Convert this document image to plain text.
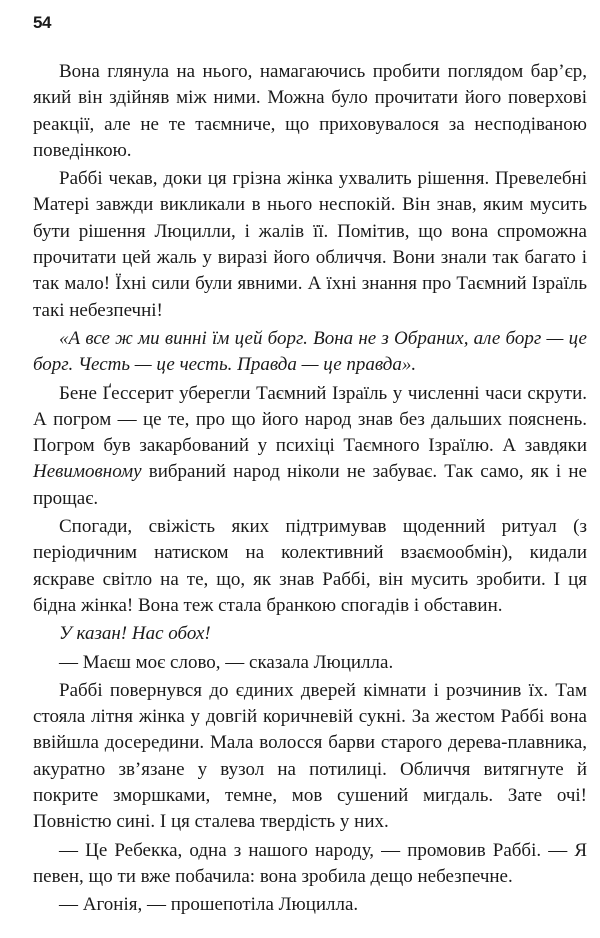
54

Вона глянула на нього, намагаючись пробити поглядом бар’єр, який він здійняв між ними. Можна було прочитати його поверхові реакції, але не те таємниче, що приховувалося за несподіваною поведінкою.

Раббі чекав, доки ця грізна жінка ухвалить рішення. Превелебні Матері завжди викликали в нього неспокій. Він знав, яким мусить бути рішення Люцилли, і жалів її. Помітив, що вона спроможна прочитати цей жаль у виразі його обличчя. Вони знали так багато і так мало! Їхні сили були явними. А їхні знання про Таємний Ізраїль такі небезпечні!

«А все ж ми винні їм цей борг. Вона не з Обраних, але борг — це борг. Честь — це честь. Правда — це правда».

Бене Ґессерит уберегли Таємний Ізраїль у численні часи скрути. А погром — це те, про що його народ знав без дальших пояснень. Погром був закарбований у психіці Таємного Ізраїлю. А завдяки Невимовному вибраний народ ніколи не забуває. Так само, як і не прощає.

Спогади, свіжість яких підтримував щоденний ритуал (з періодичним натиском на колективний взаємообмін), кидали яскраве світло на те, що, як знав Раббі, він мусить зробити. І ця бідна жінка! Вона теж стала бранкою спогадів і обставин.

У казан! Нас обох!

— Маєш моє слово, — сказала Люцилла.

Раббі повернувся до єдиних дверей кімнати і розчинив їх. Там стояла літня жінка у довгій коричневій сукні. За жестом Раббі вона ввійшла досередини. Мала волосся барви старого дерева-плавника, акуратно зв’язане у вузол на потилиці. Обличчя витягнуте й покрите зморшками, темне, мов сушений мигдаль. Зате очі! Повністю сині. І ця сталева твердість у них.

— Це Ребекка, одна з нашого народу, — промовив Раббі. — Я певен, що ти вже побачила: вона зробила дещо небезпечне.

— Агонія, — прошепотіла Люцилла.
